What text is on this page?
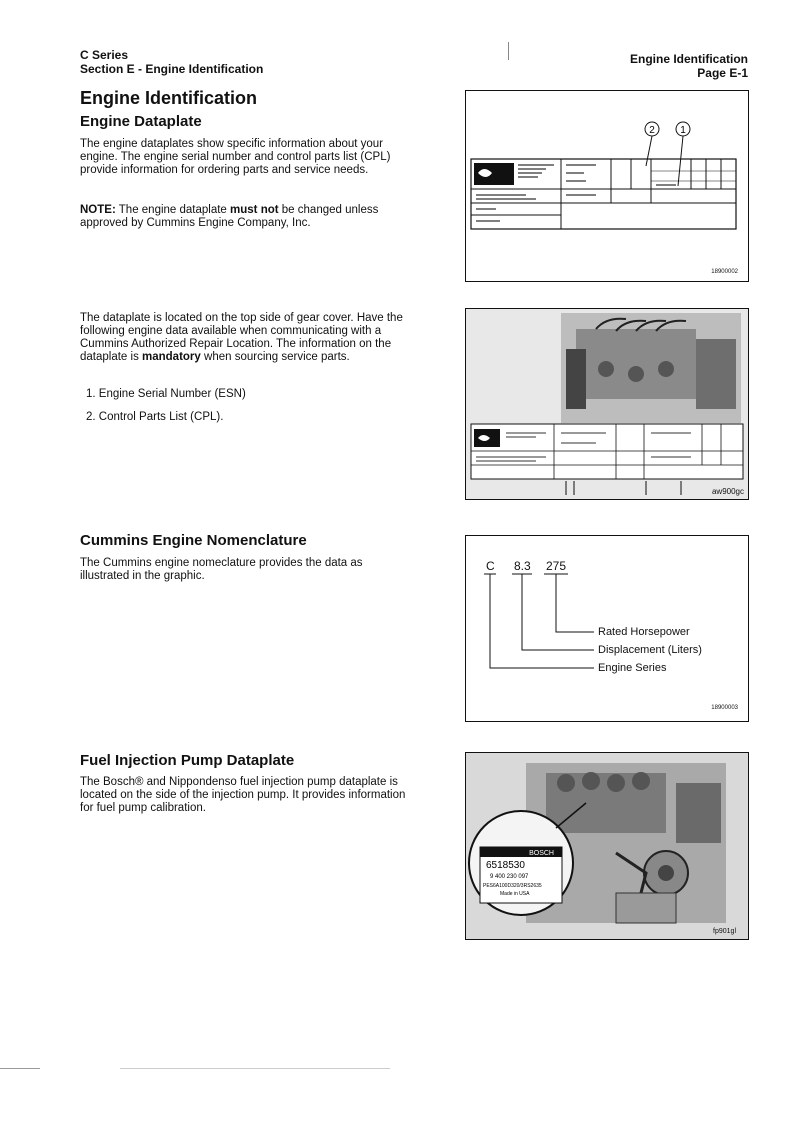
C Series
Section E - Engine Identification
Engine Identification
Page E-1
Engine Identification
Engine Dataplate
The engine dataplates show specific information about your engine. The engine serial number and control parts list (CPL) provide information for ordering parts and service needs.
NOTE: The engine dataplate must not be changed unless approved by Cummins Engine Company, Inc.
2	1
18900002
The dataplate is located on the top side of gear cover. Have the following engine data available when communicating with a Cummins Authorized Repair Location. The information on the dataplate is mandatory when sourcing service parts.
1. Engine Serial Number (ESN)
2. Control Parts List (CPL).
aw900gc
Cummins Engine Nomenclature
The Cummins engine nomeclature provides the data as illustrated in the graphic.
C 8.3 275
Rated Horsepower
Displacement (Liters)
Engine Series
18900003
Fuel Injection Pump Dataplate
The Bosch® and Nippondenso fuel injection pump dataplate is located on the side of the injection pump. It provides information for fuel pump calibration.
BOSCH
6518530
9 400 230 097
PES6A100D320/3RS2635
Made in USA
fp901gl
